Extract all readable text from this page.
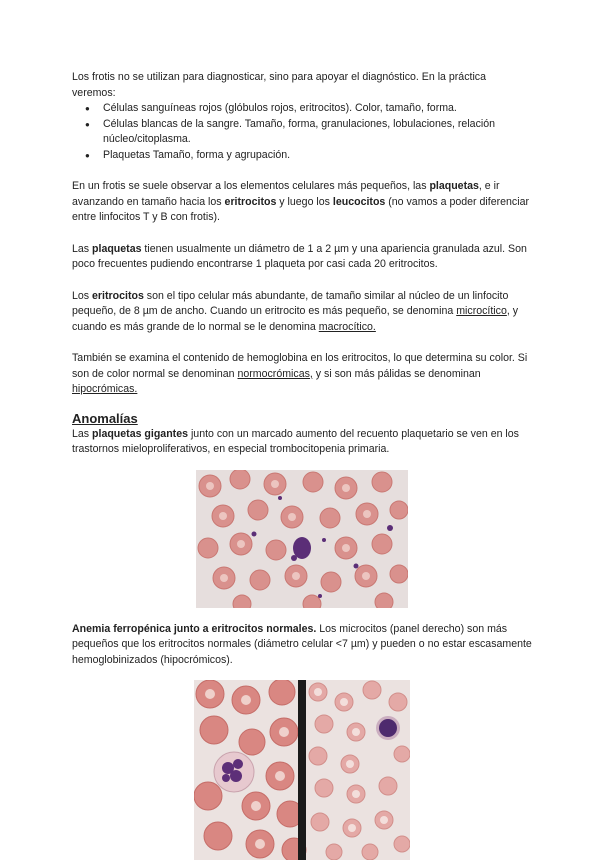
Los frotis no se utilizan para diagnosticar, sino para apoyar el diagnóstico. En la práctica veremos:

● Células sanguíneas rojos (glóbulos rojos, eritrocitos). Color, tamaño, forma.
● Células blancas de la sangre. Tamaño, forma, granulaciones, lobulaciones, relación núcleo/citoplasma.
● Plaquetas Tamaño, forma y agrupación.

En un frotis se suele observar a los elementos celulares más pequeños, las plaquetas, e ir avanzando en tamaño hacia los eritrocitos y luego los leucocitos (no vamos a poder diferenciar entre linfocitos T y B con frotis).

Las plaquetas tienen usualmente un diámetro de 1 a 2 µm y una apariencia granulada azul. Son poco frecuentes pudiendo encontrarse 1 plaqueta por casi cada 20 eritrocitos.

Los eritrocitos son el tipo celular más abundante, de tamaño similar al núcleo de un linfocito pequeño, de 8 µm de ancho. Cuando un eritrocito es más pequeño, se denomina microcítico, y cuando es más grande de lo normal se le denomina macrocítico.

También se examina el contenido de hemoglobina en los eritrocitos, lo que determina su color. Si son de color normal se denominan normocrómicas, y si son más pálidas se denominan hipocrómicas.

Anomalías

Las plaquetas gigantes junto con un marcado aumento del recuento plaquetario se ven en los trastornos mieloproliferativos, en especial trombocitopenia primaria.

Anemia ferropénica junto a eritrocitos normales. Los microcitos (panel derecho) son más pequeños que los eritrocitos normales (diámetro celular <7 µm) y pueden o no estar escasamente hemoglobinizados (hipocrómicos).
